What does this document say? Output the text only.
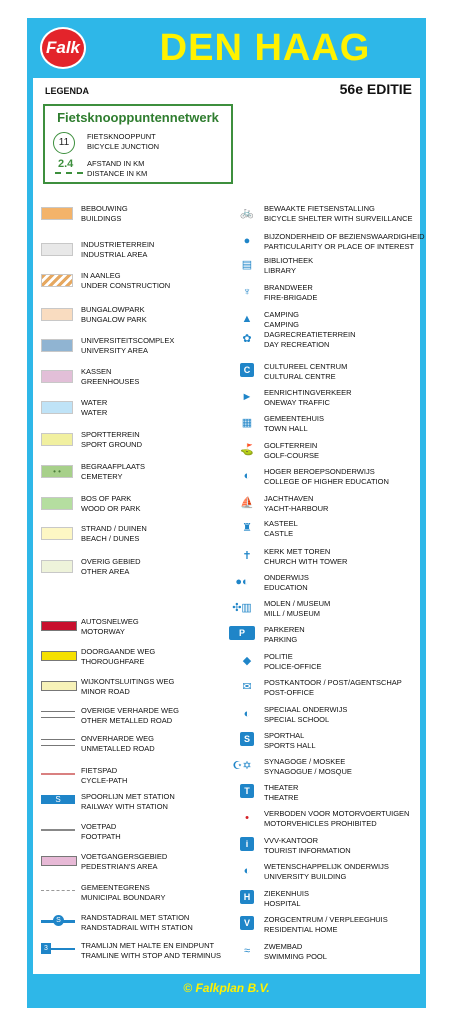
Falk	DEN HAAG
LEGENDA	56e EDITIE
Fietsknooppuntennetwerk
11
FIETSKNOOPPUNT
BICYCLE JUNCTION
2.4 AFSTAND IN KM
DISTANCE IN KM
BEBOUWING
BUILDINGS
INDUSTRIETERREIN
INDUSTRIAL AREA
IN AANLEG
UNDER CONSTRUCTION
BUNGALOWPARK
BUNGALOW PARK
UNIVERSITEITSCOMPLEX
UNIVERSITY AREA
KASSEN
GREENHOUSES
WATER
WATER
SPORTTERREIN
SPORT GROUND
• •
BEGRAAFPLAATS
CEMETERY
BOS OF PARK
WOOD OR PARK
STRAND / DUINEN
BEACH / DUNES
OVERIG GEBIED
OTHER AREA
AUTOSNELWEG
MOTORWAY
DOORGAANDE WEG
THOROUGHFARE
WIJKONTSLUITINGS WEG
MINOR ROAD
OVERIGE VERHARDE WEG
OTHER METALLED ROAD
ONVERHARDE WEG
UNMETALLED ROAD
FIETSPAD
CYCLE-PATH
S	SPOORLIJN MET STATION
RAILWAY WITH STATION
VOETPAD
FOOTPATH
VOETGANGERSGEBIED
PEDESTRIAN'S AREA
GEMEENTEGRENS
MUNICIPAL BOUNDARY
S	RANDSTADRAIL MET STATION
RANDSTADRAIL WITH STATION
3	TRAMLIJN MET HALTE EN EINDPUNT
TRAMLINE WITH STOP AND TERMINUS
🚲 BEWAAKTE FIETSENSTALLING
BICYCLE SHELTER WITH SURVEILLANCE
●	BIJZONDERHEID OF BEZIENSWAARDIGHEID
PARTICULARITY OR PLACE OF INTEREST
▤	BIBLIOTHEEK
LIBRARY
♆	BRANDWEER
FIRE-BRIGADE
▲	CAMPING
CAMPING
✿	DAGRECREATIETERREIN
DAY RECREATION
C	CULTUREEL CENTRUM
CULTURAL CENTRE
►	EENRICHTINGVERKEER
ONEWAY TRAFFIC
▦	GEMEENTEHUIS
TOWN HALL
⛳ GOLFTERREIN
GOLF-COURSE
◐	HOGER BEROEPSONDERWIJS
COLLEGE OF HIGHER EDUCATION
⛵ JACHTHAVEN
YACHT-HARBOUR
♜	KASTEEL
CASTLE
✝	KERK MET TOREN
CHURCH WITH TOWER
●◐	ONDERWIJS
EDUCATION
✣▥	MOLEN / MUSEUM
MILL / MUSEUM
P	PARKEREN
PARKING
◆	POLITIE
POLICE-OFFICE
✉	POSTKANTOOR / POST/AGENTSCHAP
POST-OFFICE
◐	SPECIAAL ONDERWIJS
SPECIAL SCHOOL
S	SPORTHAL
SPORTS HALL
☪✡	SYNAGOGE / MOSKEE
SYNAGOGUE / MOSQUE
T	THEATER
THEATRE
•	VERBODEN VOOR MOTORVOERTUIGEN
MOTORVEHICLES PROHIBITED
i	VVV-KANTOOR
TOURIST INFORMATION
◐	WETENSCHAPPELIJK ONDERWIJS
UNIVERSITY BUILDING
H	ZIEKENHUIS
HOSPITAL
V	ZORGCENTRUM / VERPLEEGHUIS
RESIDENTIAL HOME
≈	ZWEMBAD
SWIMMING POOL
© Falkplan B.V.
